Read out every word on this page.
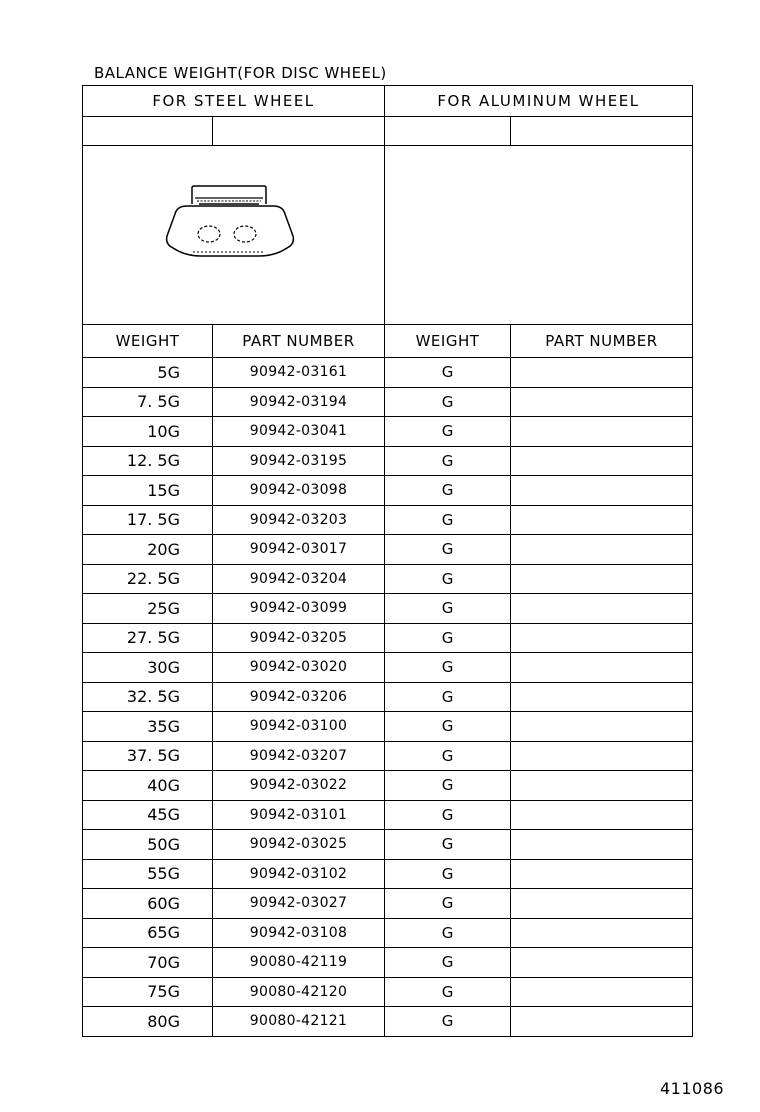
BALANCE WEIGHT(FOR DISC WHEEL)
FOR STEEL WHEEL		FOR ALUMINUM WHEEL	

WEIGHT	PART NUMBER	WEIGHT	PART NUMBER
5G	90942-03161	G	
7. 5G	90942-03194	G	
10G	90942-03041	G	
12. 5G	90942-03195	G	
15G	90942-03098	G	
17. 5G	90942-03203	G	
20G	90942-03017	G	
22. 5G	90942-03204	G	
25G	90942-03099	G	
27. 5G	90942-03205	G	
30G	90942-03020	G	
32. 5G	90942-03206	G	
35G	90942-03100	G	
37. 5G	90942-03207	G	
40G	90942-03022	G	
45G	90942-03101	G	
50G	90942-03025	G	
55G	90942-03102	G	
60G	90942-03027	G	
65G	90942-03108	G	
70G	90080-42119	G	
75G	90080-42120	G	
80G	90080-42121	G	
411086
